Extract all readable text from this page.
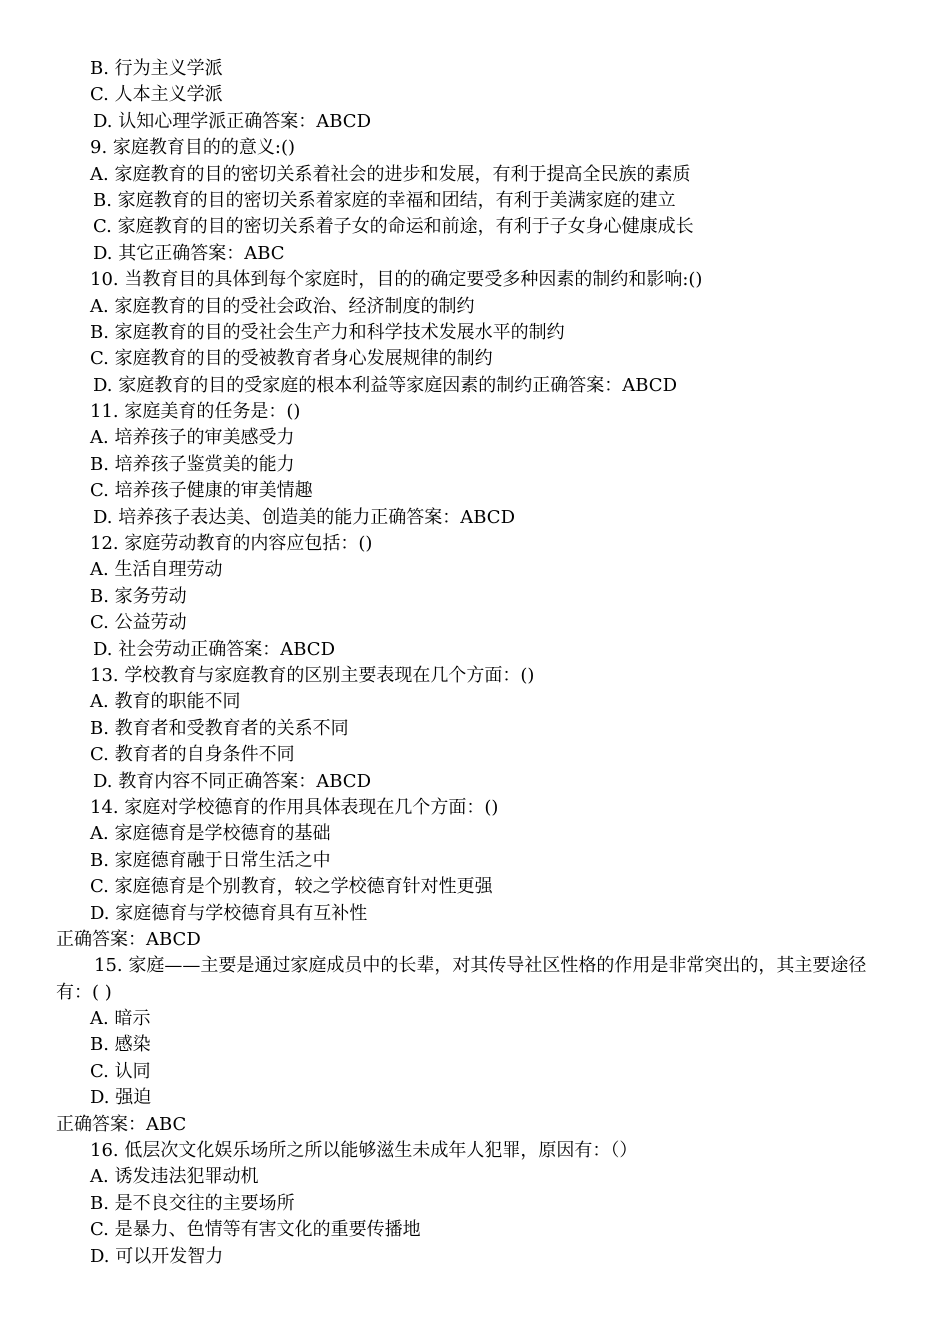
B. 行为主义学派
C. 人本主义学派
D. 认知心理学派正确答案：ABCD
9. 家庭教育目的的意义:()
A. 家庭教育的目的密切关系着社会的进步和发展，有利于提高全民族的素质
B. 家庭教育的目的密切关系着家庭的幸福和团结，有利于美满家庭的建立
C. 家庭教育的目的密切关系着子女的命运和前途，有利于子女身心健康成长
D. 其它正确答案：ABC
10. 当教育目的具体到每个家庭时，目的的确定要受多种因素的制约和影响:()
A. 家庭教育的目的受社会政治、经济制度的制约
B. 家庭教育的目的受社会生产力和科学技术发展水平的制约
C. 家庭教育的目的受被教育者身心发展规律的制约
D. 家庭教育的目的受家庭的根本利益等家庭因素的制约正确答案：ABCD
11. 家庭美育的任务是：()
A. 培养孩子的审美感受力
B. 培养孩子鉴赏美的能力
C. 培养孩子健康的审美情趣
D. 培养孩子表达美、创造美的能力正确答案：ABCD
12. 家庭劳动教育的内容应包括：()
A. 生活自理劳动
B. 家务劳动
C. 公益劳动
D. 社会劳动正确答案：ABCD
13. 学校教育与家庭教育的区别主要表现在几个方面：()
A. 教育的职能不同
B. 教育者和受教育者的关系不同
C. 教育者的自身条件不同
D. 教育内容不同正确答案：ABCD
14. 家庭对学校德育的作用具体表现在几个方面：()
A. 家庭德育是学校德育的基础
B. 家庭德育融于日常生活之中
C. 家庭德育是个别教育，较之学校德育针对性更强
D. 家庭德育与学校德育具有互补性
正确答案：ABCD
15. 家庭——主要是通过家庭成员中的长辈，对其传导社区性格的作用是非常突出的，其主要途径有：( )
A. 暗示
B. 感染
C. 认同
D. 强迫
正确答案：ABC
16. 低层次文化娱乐场所之所以能够滋生未成年人犯罪，原因有：（）
A. 诱发违法犯罪动机
B. 是不良交往的主要场所
C. 是暴力、色情等有害文化的重要传播地
D. 可以开发智力
